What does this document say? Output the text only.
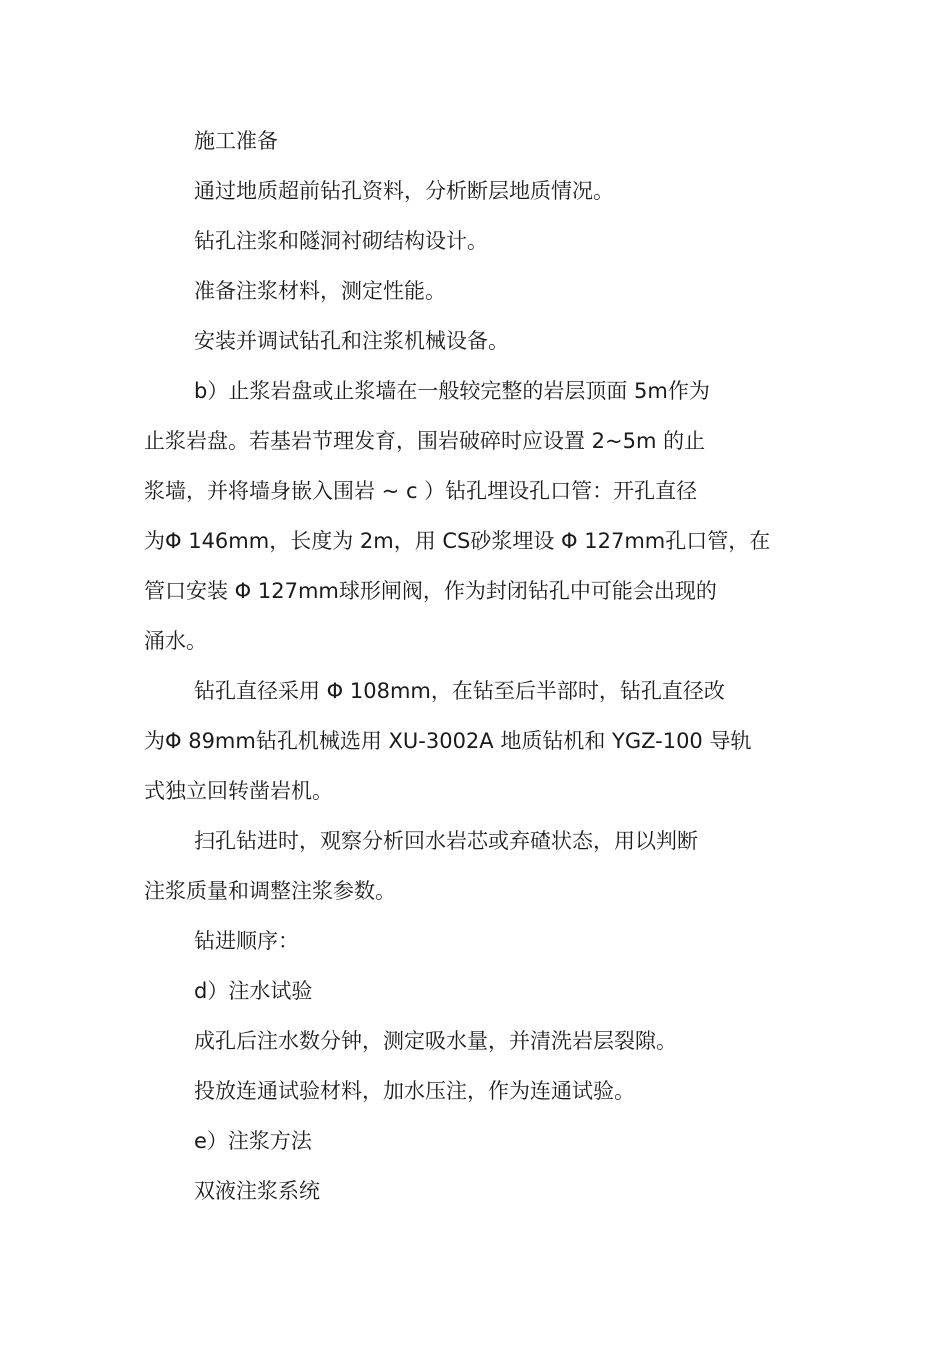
施工准备
通过地质超前钻孔资料，分析断层地质情况。
钻孔注浆和隧洞衬砌结构设计。
准备注浆材料，测定性能。
安装并调试钻孔和注浆机械设备。
b）止浆岩盘或止浆墙在一般较完整的岩层顶面 5m作为
止浆岩盘。若基岩节理发育，围岩破碎时应设置 2~5m 的止
浆墙，并将墙身嵌入围岩 ~ c ）钻孔埋设孔口管：开孔直径
为Φ 146mm，长度为 2m，用 CS砂浆埋设 Φ 127mm孔口管，在
管口安装 Φ 127mm球形闸阀，作为封闭钻孔中可能会出现的
涌水。
钻孔直径采用 Φ 108mm，在钻至后半部时，钻孔直径改
为Φ 89mm钻孔机械选用 XU-3002A 地质钻机和 YGZ-100 导轨
式独立回转凿岩机。
扫孔钻进时，观察分析回水岩芯或弃碴状态，用以判断
注浆质量和调整注浆参数。
钻进顺序：
d）注水试验
成孔后注水数分钟，测定吸水量，并清洗岩层裂隙。
投放连通试验材料，加水压注，作为连通试验。
e）注浆方法
双液注浆系统
